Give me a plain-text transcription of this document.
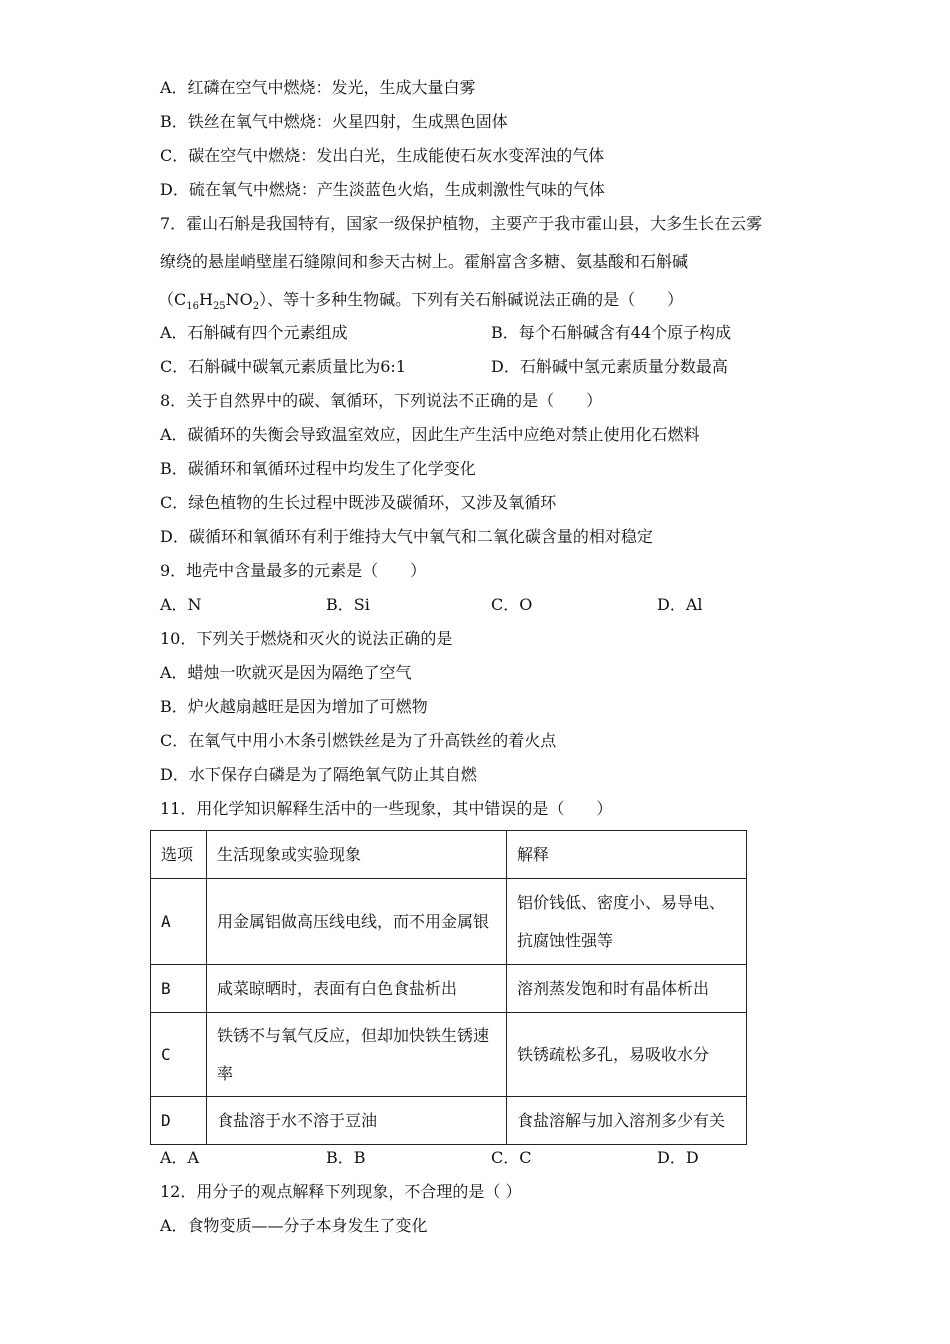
A．红磷在空气中燃烧：发光，生成大量白雾
B．铁丝在氧气中燃烧：火星四射，生成黑色固体
C．碳在空气中燃烧：发出白光，生成能使石灰水变浑浊的气体
D．硫在氧气中燃烧：产生淡蓝色火焰，生成刺激性气味的气体
7．霍山石斛是我国特有，国家一级保护植物，主要产于我市霍山县，大多生长在云雾
缭绕的悬崖峭壁崖石缝隙间和参天古树上。霍斛富含多糖、氨基酸和石斛碱
$(C_{16}H_{25}NO_2)$、等十多种生物碱。下列有关石斛碱说法正确的是（　　）
A．石斛碱有四个元素组成	B．每个石斛碱含有44个原子构成
C．石斛碱中碳氧元素质量比为6:1	D．石斛碱中氢元素质量分数最高
8．关于自然界中的碳、氧循环，下列说法不正确的是（　　）
A．碳循环的失衡会导致温室效应，因此生产生活中应绝对禁止使用化石燃料
B．碳循环和氧循环过程中均发生了化学变化
C．绿色植物的生长过程中既涉及碳循环，又涉及氧循环
D．碳循环和氧循环有利于维持大气中氧气和二氧化碳含量的相对稳定
9．地壳中含量最多的元素是（　　）
A．N	B．Si	C．O	D．Al
10．下列关于燃烧和灭火的说法正确的是
A．蜡烛一吹就灭是因为隔绝了空气
B．炉火越扇越旺是因为增加了可燃物
C．在氧气中用小木条引燃铁丝是为了升高铁丝的着火点
D．水下保存白磷是为了隔绝氧气防止其自燃
11．用化学知识解释生活中的一些现象，其中错误的是（　　）
选项	生活现象或实验现象	解释
A	用金属铝做高压线电线，而不用金属银	铝价钱低、密度小、易导电、抗腐蚀性强等
B	咸菜晾晒时，表面有白色食盐析出	溶剂蒸发饱和时有晶体析出
C	铁锈不与氧气反应，但却加快铁生锈速率	铁锈疏松多孔，易吸收水分
D	食盐溶于水不溶于豆油	食盐溶解与加入溶剂多少有关
A．A	B．B	C．C	D．D
12．用分子的观点解释下列现象，不合理的是（ ）
A．食物变质——分子本身发生了变化
